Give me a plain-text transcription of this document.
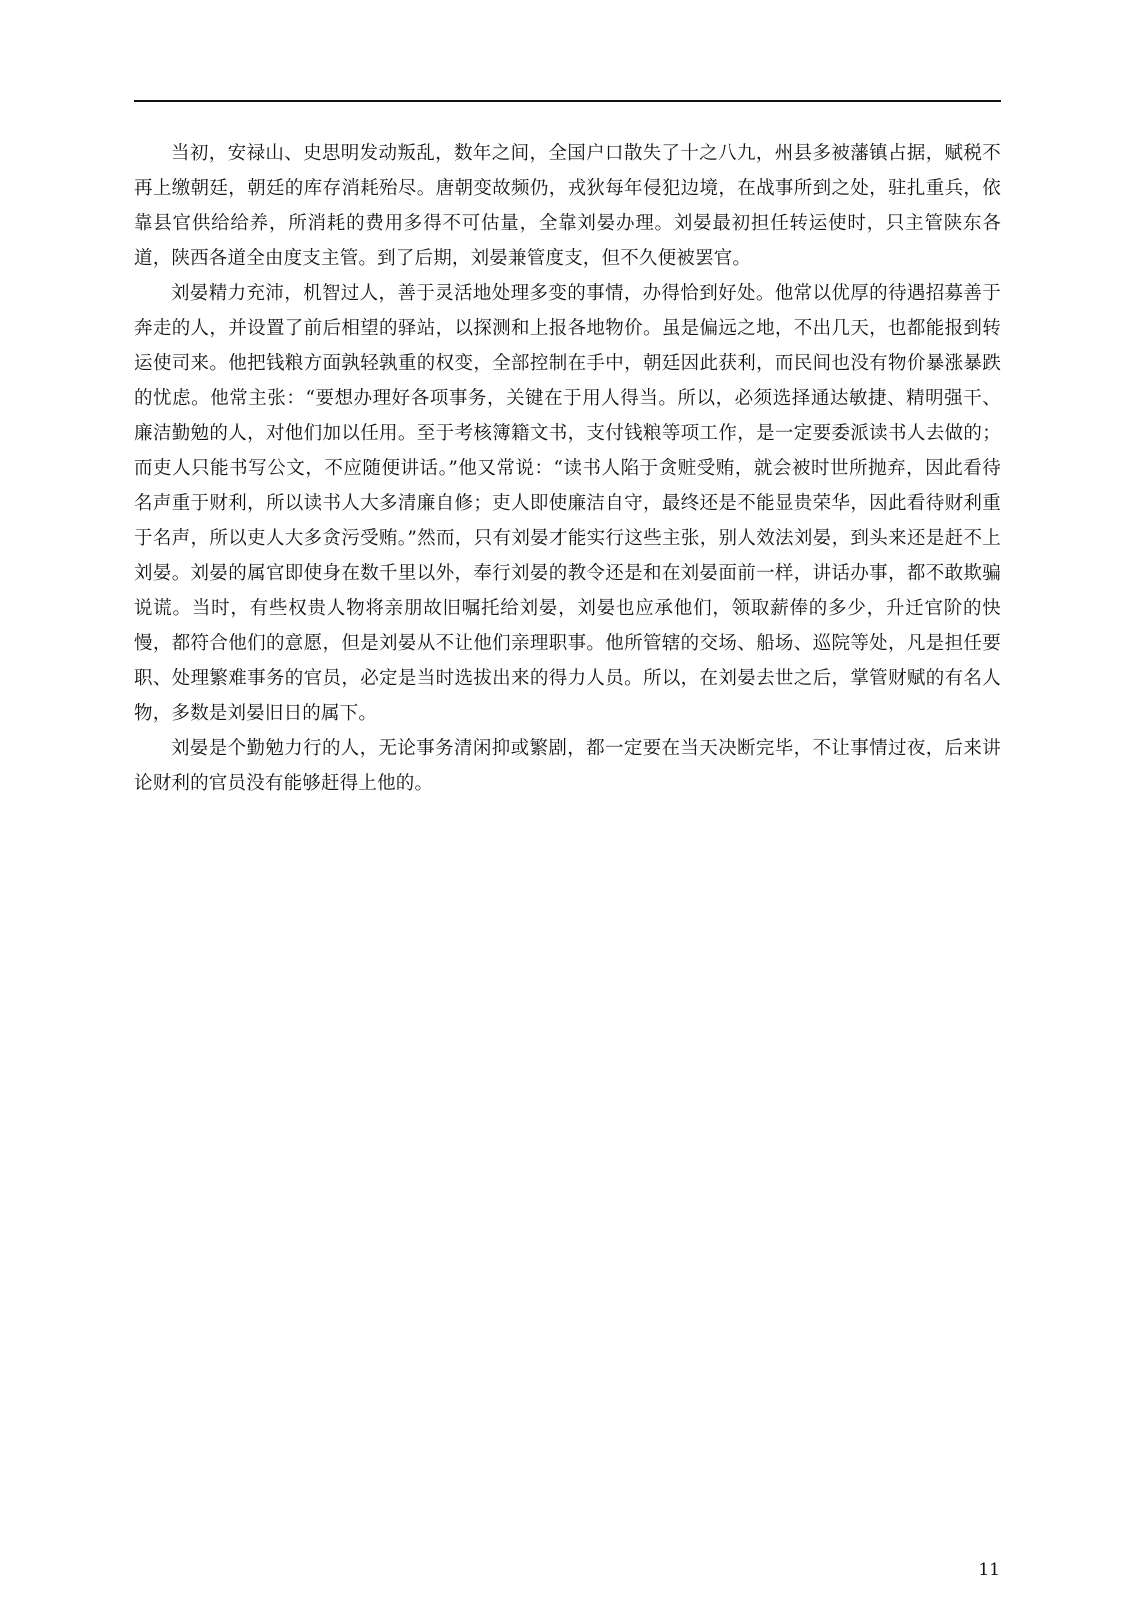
当初，安禄山、史思明发动叛乱，数年之间，全国户口散失了十之八九，州县多被藩镇占据，赋税不再上缴朝廷，朝廷的库存消耗殆尽。唐朝变故频仍，戎狄每年侵犯边境，在战事所到之处，驻扎重兵，依靠县官供给给养，所消耗的费用多得不可估量，全靠刘晏办理。刘晏最初担任转运使时，只主管陕东各道，陕西各道全由度支主管。到了后期，刘晏兼管度支，但不久便被罢官。

刘晏精力充沛，机智过人，善于灵活地处理多变的事情，办得恰到好处。他常以优厚的待遇招募善于奔走的人，并设置了前后相望的驿站，以探测和上报各地物价。虽是偏远之地，不出几天，也都能报到转运使司来。他把钱粮方面孰轻孰重的权变，全部控制在手中，朝廷因此获利，而民间也没有物价暴涨暴跌的忧虑。他常主张：“要想办理好各项事务，关键在于用人得当。所以，必须选择通达敏捷、精明强干、廉洁勤勉的人，对他们加以任用。至于考核簿籍文书，支付钱粮等项工作，是一定要委派读书人去做的；而吏人只能书写公文，不应随便讲话。”他又常说：“读书人陷于贪赃受贿，就会被时世所抛弃，因此看待名声重于财利，所以读书人大多清廉自修；吏人即使廉洁自守，最终还是不能显贵荣华，因此看待财利重于名声，所以吏人大多贪污受贿。”然而，只有刘晏才能实行这些主张，别人效法刘晏，到头来还是赶不上刘晏。刘晏的属官即使身在数千里以外，奉行刘晏的教令还是和在刘晏面前一样，讲话办事，都不敢欺骗说谎。当时，有些权贵人物将亲朋故旧嘱托给刘晏，刘晏也应承他们，领取薪俸的多少，升迁官阶的快慢，都符合他们的意愿，但是刘晏从不让他们亲理职事。他所管辖的交场、船场、巡院等处，凡是担任要职、处理繁难事务的官员，必定是当时选拔出来的得力人员。所以，在刘晏去世之后，掌管财赋的有名人物，多数是刘晏旧日的属下。

刘晏是个勤勉力行的人，无论事务清闲抑或繁剧，都一定要在当天决断完毕，不让事情过夜，后来讲论财利的官员没有能够赶得上他的。

11
